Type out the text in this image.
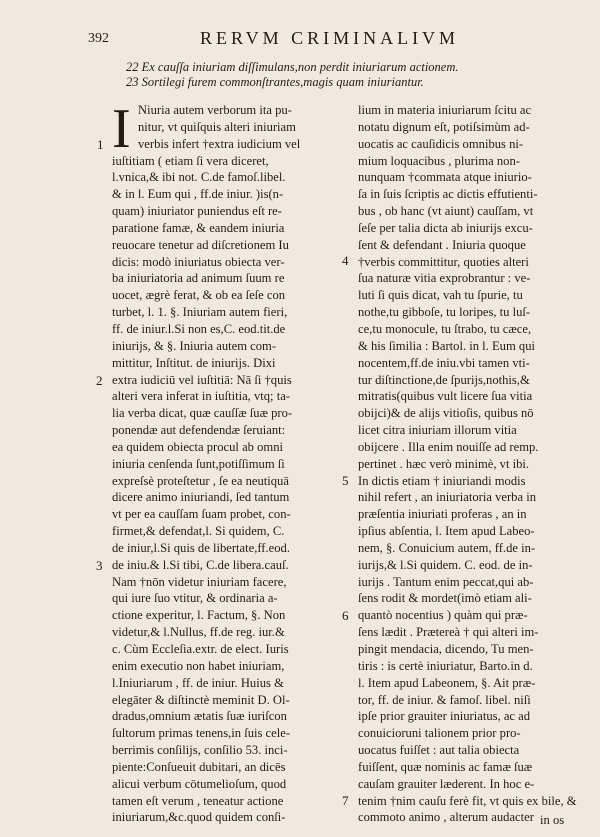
392	RERVM CRIMINALIVM
22 Ex cauſſa iniuriam diſſimulans,non perdit iniuriarum actionem.
23 Sortilegi furem commonſtrantes,magis quam iniuriantur.
I Niuria autem verborum ita pu-
nitur, vt quiſquis alteri iniuriam
verbis infert †extra iudicium vel
iuſtitiam ( etiam ſi vera diceret,
l.vnica,& ibi not. C.de famoſ.libel.
& in l. Eum qui , ff.de iniur. )is(n-
quam) iniuriator puniendus eſt re-
paratione famæ, & eandem iniuria
reuocare tenetur ad diſcretionem Iu
dicis: modò iniuriatus obiecta ver-
ba iniuriatoria ad animum ſuum re
uocet, ægrè ferat, & ob ea ſeſe con
turbet, l. 1. §. Iniuriam autem fieri,
ff. de iniur.l.Si non es,C. eod.tit.de
iniurijs, & §. Iniuria autem com-
mittitur, Inſtitut. de iniurijs. Dixi
extra iudiciū vel iuſtitiā: Nā ſi †quis
alteri vera inferat in iuſtitia, vtq; ta-
lia verba dicat, quæ cauſſæ ſuæ pro-
ponendæ aut defendendæ ſeruiant:
ea quidem obiecta procul ab omni
iniuria cenſenda ſunt,potiſſimum ſi
expreſsè proteſtetur , ſe ea neutiquā
dicere animo iniuriandi, ſed tantum
vt per ea cauſſam ſuam probet, con-
firmet,& defendat,l. Si quidem, C.
de iniur,l.Si quis de libertate,ff.eod.
de iniu.& l.Si tibi, C.de libera.cauſ.
Nam †nōn videtur iniuriam facere,
qui iure ſuo vtitur, & ordinaria a-
ctione experitur, l. Factum, §. Non
videtur,& l.Nullus, ff.de reg. iur.&
c. Cùm Eccleſia.extr. de elect. Iuris
enim executio non habet iniuriam,
l.Iniuriarum , ff. de iniur. Huius &
elegāter & diſtinctè meminit D. Ol-
dradus,omnium ætatis ſuæ iuriſcon
ſultorum primas tenens,in ſuis cele-
berrimis conſilijs, conſilio 53. inci-
piente:Conſueuit dubitari, an dicēs
alicui verbum cōtumelioſum, quod
tamen eſt verum , teneatur actione
iniuriarum,&c.quod quidem conſi-
lium in materia iniuriarum ſcitu ac
notatu dignum eſt, potiſsimùm ad-
uocatis ac cauſidicis omnibus ni-
mium loquacibus , plurima non-
nunquam †commata atque iniurio-
ſa in ſuis ſcriptis ac dictis effutienti-
bus , ob hanc (vt aiunt) cauſſam, vt
ſeſe per talia dicta ab iniurijs excu-
ſent & defendant . Iniuria quoque
†verbis committitur, quoties alteri
ſua naturæ vitia exprobrantur : ve-
luti ſi quis dicat, vah tu ſpurie, tu
nothe,tu gibboſe, tu loripes, tu luſ-
ce,tu monocule, tu ſtrabo, tu cæce,
& his ſimilia : Bartol. in l. Eum qui
nocentem,ff.de iniu.vbi tamen vti-
tur diſtinctione,de ſpurijs,nothis,&
mitratis(quibus vult licere ſua vitia
obijci)& de alijs vitioſis, quibus nō
licet citra iniuriam illorum vitia
obijcere . Illa enim nouiſſe ad remp.
pertinet . hæc verò minimè, vt ibi.
In dictis etiam † iniuriandi modis
nihil refert , an iniuriatoria verba in
præſentia iniuriati proferas , an in
ipſius abſentia, l. Item apud Labeo-
nem, §. Conuicium autem, ff.de in-
iurijs,& l.Si quidem. C. eod. de in-
iurijs . Tantum enim peccat,qui ab-
ſens rodit & mordet(imò etiam ali-
quantò nocentius ) quàm qui præ-
ſens lædit . Prætereà † qui alteri im-
pingit mendacia, dicendo, Tu men-
tiris : is certè iniuriatur, Barto.in d.
l. Item apud Labeonem, §. Ait præ-
tor, ff. de iniur. & famoſ. libel. niſi
ipſe prior grauiter iniuriatus, ac ad
conuicioruni talionem prior pro-
uocatus fuiſſet : aut talia obiecta
fuiſſent, quæ nominis ac famæ ſuæ
cauſam grauiter læderent. In hoc e-
tenim †nim cauſu ferè fit, vt quis ex bile, &
commoto animo , alterum audacter
1
2
3
4
5
6
7
in os
